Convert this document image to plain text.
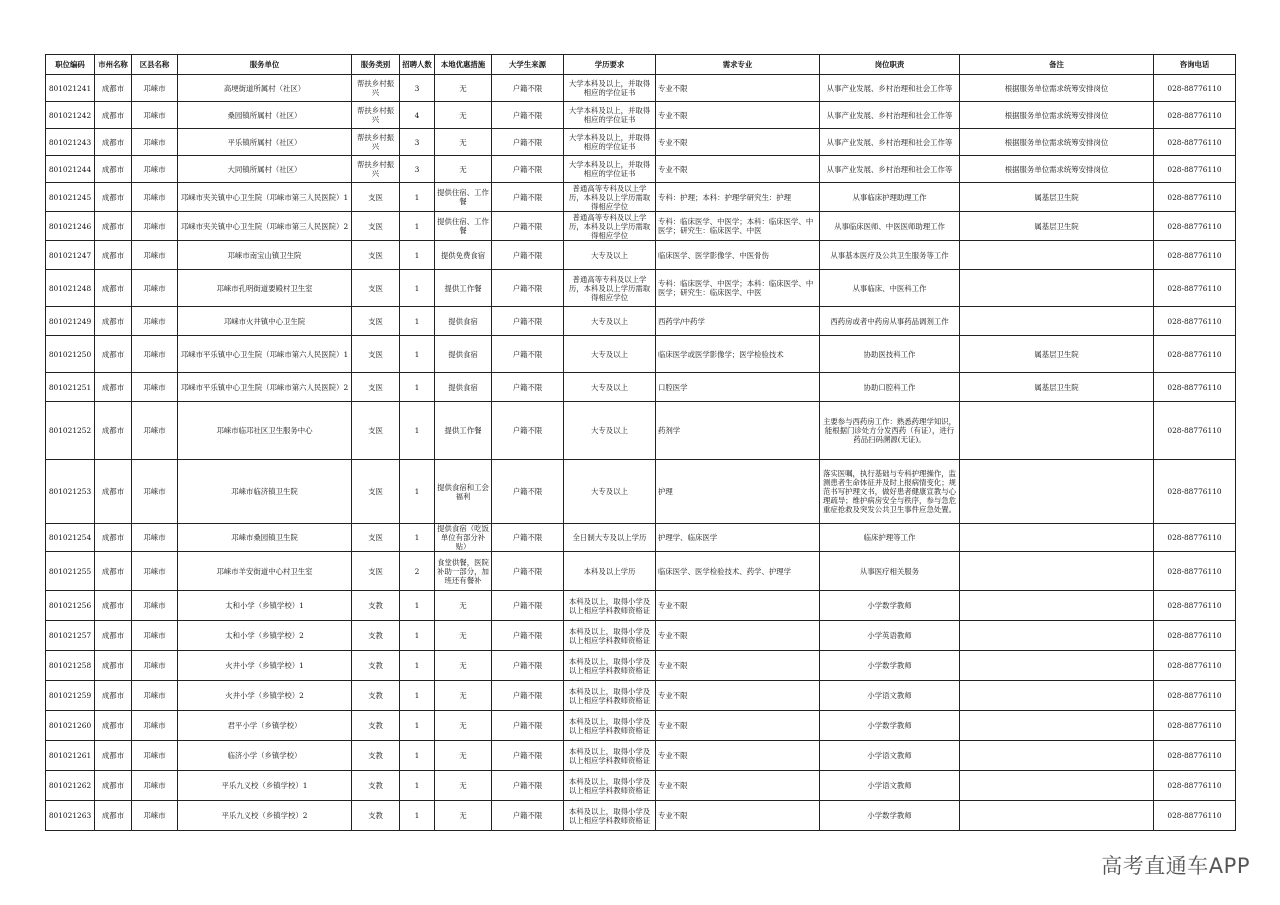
职位编码	市州名称	区县名称	服务单位	服务类别	招聘人数	本地优惠措施	大学生来源	学历要求	需求专业	岗位职责	备注	咨询电话
801021241	成都市	邛崃市	高埂街道所属村（社区）	帮扶乡村振兴	3	无	户籍不限	大学本科及以上，并取得相应的学位证书	专业不限	从事产业发展、乡村治理和社会工作等	根据服务单位需求统筹安排岗位	028-88776110
801021242	成都市	邛崃市	桑园镇所属村（社区）	帮扶乡村振兴	4	无	户籍不限	大学本科及以上，并取得相应的学位证书	专业不限	从事产业发展、乡村治理和社会工作等	根据服务单位需求统筹安排岗位	028-88776110
801021243	成都市	邛崃市	平乐镇所属村（社区）	帮扶乡村振兴	3	无	户籍不限	大学本科及以上，并取得相应的学位证书	专业不限	从事产业发展、乡村治理和社会工作等	根据服务单位需求统筹安排岗位	028-88776110
801021244	成都市	邛崃市	大同镇所属村（社区）	帮扶乡村振兴	3	无	户籍不限	大学本科及以上，并取得相应的学位证书	专业不限	从事产业发展、乡村治理和社会工作等	根据服务单位需求统筹安排岗位	028-88776110
801021245	成都市	邛崃市	邛崃市夹关镇中心卫生院（邛崃市第三人民医院）1	支医	1	提供住宿、工作餐	户籍不限	普通高等专科及以上学历，本科及以上学历需取得相应学位	专科：护理；本科：护理学研究生：护理	从事临床护理助理工作	属基层卫生院	028-88776110
801021246	成都市	邛崃市	邛崃市夹关镇中心卫生院（邛崃市第三人民医院）2	支医	1	提供住宿、工作餐	户籍不限	普通高等专科及以上学历，本科及以上学历需取得相应学位	专科：临床医学、中医学；本科：临床医学、中医学；研究生：临床医学、中医	从事临床医师、中医医师助理工作	属基层卫生院	028-88776110
801021247	成都市	邛崃市	邛崃市南宝山镇卫生院	支医	1	提供免费食宿	户籍不限	大专及以上	临床医学、医学影像学、中医骨伤	从事基本医疗及公共卫生服务等工作		028-88776110
801021248	成都市	邛崃市	邛崃市孔明街道要殿村卫生室	支医	1	提供工作餐	户籍不限	普通高等专科及以上学历，本科及以上学历需取得相应学位	专科：临床医学、中医学；本科：临床医学、中医学；研究生：临床医学、中医	从事临床、中医科工作		028-88776110
801021249	成都市	邛崃市	邛崃市火井镇中心卫生院	支医	1	提供食宿	户籍不限	大专及以上	西药学/中药学	西药房或者中药房从事药品调剂工作		028-88776110
801021250	成都市	邛崃市	邛崃市平乐镇中心卫生院（邛崃市第六人民医院）1	支医	1	提供食宿	户籍不限	大专及以上	临床医学或医学影像学；医学检验技术	协助医技科工作	属基层卫生院	028-88776110
801021251	成都市	邛崃市	邛崃市平乐镇中心卫生院（邛崃市第六人民医院）2	支医	1	提供食宿	户籍不限	大专及以上	口腔医学	协助口腔科工作	属基层卫生院	028-88776110
801021252	成都市	邛崃市	邛崃市临邛社区卫生服务中心	支医	1	提供工作餐	户籍不限	大专及以上	药剂学	主要参与西药房工作：熟悉药理学知识，能根据门诊处方分发西药（有证），进行药品扫码溯源(无证)。		028-88776110
801021253	成都市	邛崃市	邛崃市临济镇卫生院	支医	1	提供食宿和工会福利	户籍不限	大专及以上	护理	落实医嘱，执行基础与专科护理操作，监测患者生命体征并及时上报病情变化；规范书写护理文书，做好患者健康宣教与心理疏导；维护病房安全与秩序，参与急危重症抢救及突发公共卫生事件应急处置。		028-88776110
801021254	成都市	邛崃市	邛崃市桑园镇卫生院	支医	1	提供食宿（吃饭单位有部分补贴）	户籍不限	全日制大专及以上学历	护理学、临床医学	临床护理等工作		028-88776110
801021255	成都市	邛崃市	邛崃市羊安街道中心村卫生室	支医	2	食堂供餐，医院补助一部分，加班还有餐补	户籍不限	本科及以上学历	临床医学、医学检验技术、药学、护理学	从事医疗相关服务		028-88776110
801021256	成都市	邛崃市	太和小学（乡镇学校）1	支教	1	无	户籍不限	本科及以上，取得小学及以上相应学科教师资格证	专业不限	小学数学教师		028-88776110
801021257	成都市	邛崃市	太和小学（乡镇学校）2	支教	1	无	户籍不限	本科及以上，取得小学及以上相应学科教师资格证	专业不限	小学英语教师		028-88776110
801021258	成都市	邛崃市	火井小学（乡镇学校）1	支教	1	无	户籍不限	本科及以上，取得小学及以上相应学科教师资格证	专业不限	小学数学教师		028-88776110
801021259	成都市	邛崃市	火井小学（乡镇学校）2	支教	1	无	户籍不限	本科及以上，取得小学及以上相应学科教师资格证	专业不限	小学语文教师		028-88776110
801021260	成都市	邛崃市	君平小学（乡镇学校）	支教	1	无	户籍不限	本科及以上，取得小学及以上相应学科教师资格证	专业不限	小学数学教师		028-88776110
801021261	成都市	邛崃市	临济小学（乡镇学校）	支教	1	无	户籍不限	本科及以上，取得小学及以上相应学科教师资格证	专业不限	小学语文教师		028-88776110
801021262	成都市	邛崃市	平乐九义校（乡镇学校）1	支教	1	无	户籍不限	本科及以上，取得小学及以上相应学科教师资格证	专业不限	小学语文教师		028-88776110
801021263	成都市	邛崃市	平乐九义校（乡镇学校）2	支教	1	无	户籍不限	本科及以上，取得小学及以上相应学科教师资格证	专业不限	小学数学教师		028-88776110
高考直通车APP
